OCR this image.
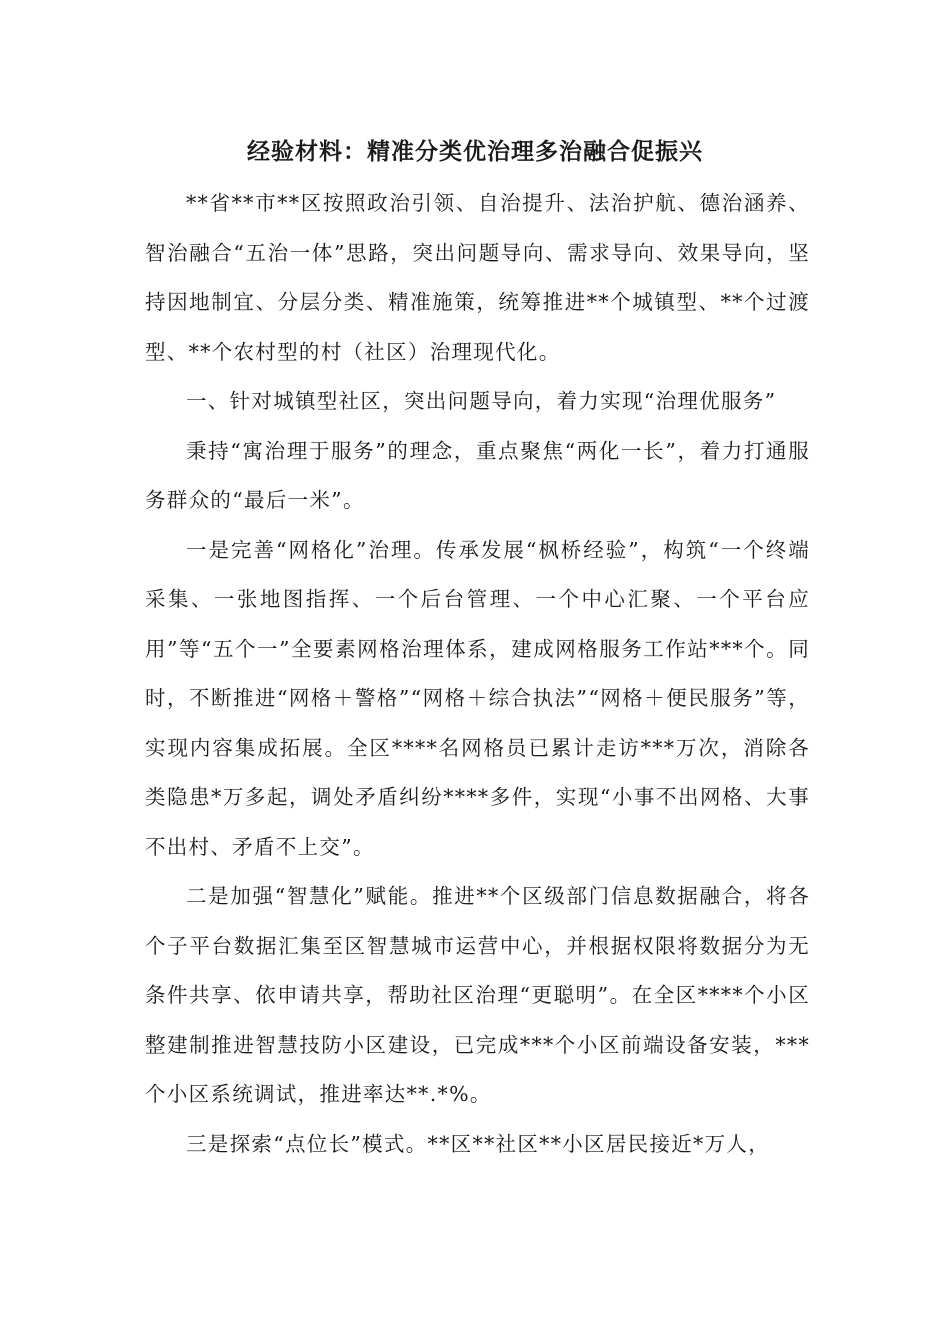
经验材料：精准分类优治理多治融合促振兴

**省**市**区按照政治引领、自治提升、法治护航、德治涵养、智治融合“五治一体”思路，突出问题导向、需求导向、效果导向，坚持因地制宜、分层分类、精准施策，统筹推进**个城镇型、**个过渡型、**个农村型的村（社区）治理现代化。

一、针对城镇型社区，突出问题导向，着力实现“治理优服务”

秉持“寓治理于服务”的理念，重点聚焦“两化一长”，着力打通服务群众的“最后一米”。

一是完善“网格化”治理。传承发展“枫桥经验”，构筑“一个终端采集、一张地图指挥、一个后台管理、一个中心汇聚、一个平台应用”等“五个一”全要素网格治理体系，建成网格服务工作站***个。同时，不断推进“网格＋警格”“网格＋综合执法”“网格＋便民服务”等，实现内容集成拓展。全区****名网格员已累计走访***万次，消除各类隐患*万多起，调处矛盾纠纷****多件，实现“小事不出网格、大事不出村、矛盾不上交”。

二是加强“智慧化”赋能。推进**个区级部门信息数据融合，将各个子平台数据汇集至区智慧城市运营中心，并根据权限将数据分为无条件共享、依申请共享，帮助社区治理“更聪明”。在全区****个小区整建制推进智慧技防小区建设，已完成***个小区前端设备安装，***个小区系统调试，推进率达**.*%。

三是探索“点位长”模式。**区**社区**小区居民接近*万人，
